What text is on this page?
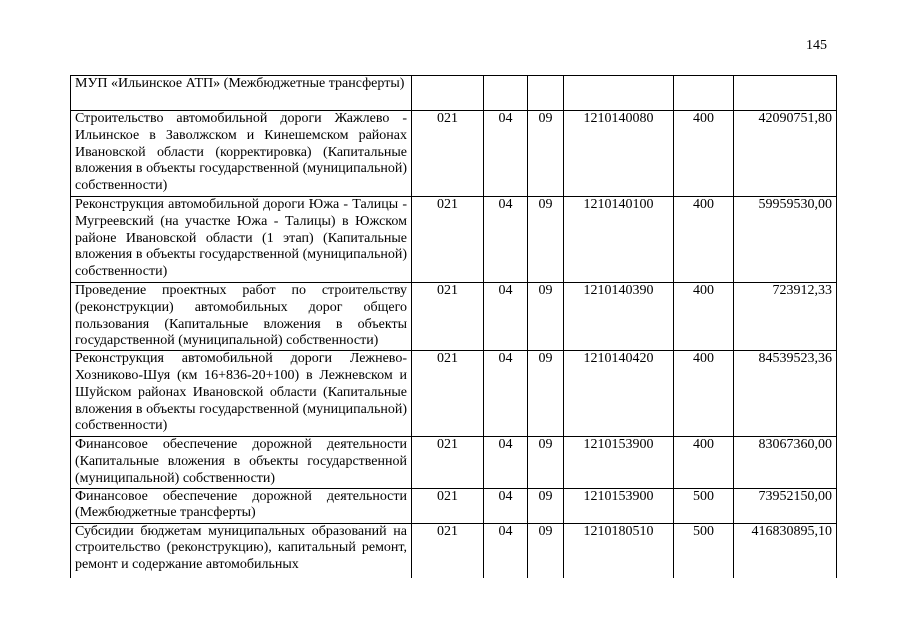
145
МУП «Ильинское АТП» (Межбюджетные трансферты)						
Строительство автомобильной дороги Жажлево - Ильинское в Заволжском и Кинешемском районах Ивановской области (корректировка) (Капитальные вложения в объекты государственной (муниципальной) собственности)	021	04	09	1210140080	400	42090751,80
Реконструкция автомобильной дороги Южа - Талицы - Мугреевский (на участке Южа - Талицы) в Южском районе Ивановской области (1 этап) (Капитальные вложения в объекты государственной (муниципальной) собственности)	021	04	09	1210140100	400	59959530,00
Проведение проектных работ по строительству (реконструкции) автомобильных дорог общего пользования (Капитальные вложения в объекты государственной (муниципальной) собственности)	021	04	09	1210140390	400	723912,33
Реконструкция автомобильной дороги Лежнево-Хозниково-Шуя (км 16+836-20+100) в Лежневском и Шуйском районах Ивановской области (Капитальные вложения в объекты государственной (муниципальной) собственности)	021	04	09	1210140420	400	84539523,36
Финансовое обеспечение дорожной деятельности (Капитальные вложения в объекты государственной (муниципальной) собственности)	021	04	09	1210153900	400	83067360,00
Финансовое обеспечение дорожной деятельности (Межбюджетные трансферты)	021	04	09	1210153900	500	73952150,00

Субсидии бюджетам муниципальных образований на строительство (реконструкцию), капитальный ремонт, ремонт и содержание автомобильных	021	04	09	1210180510	500	416830895,10
